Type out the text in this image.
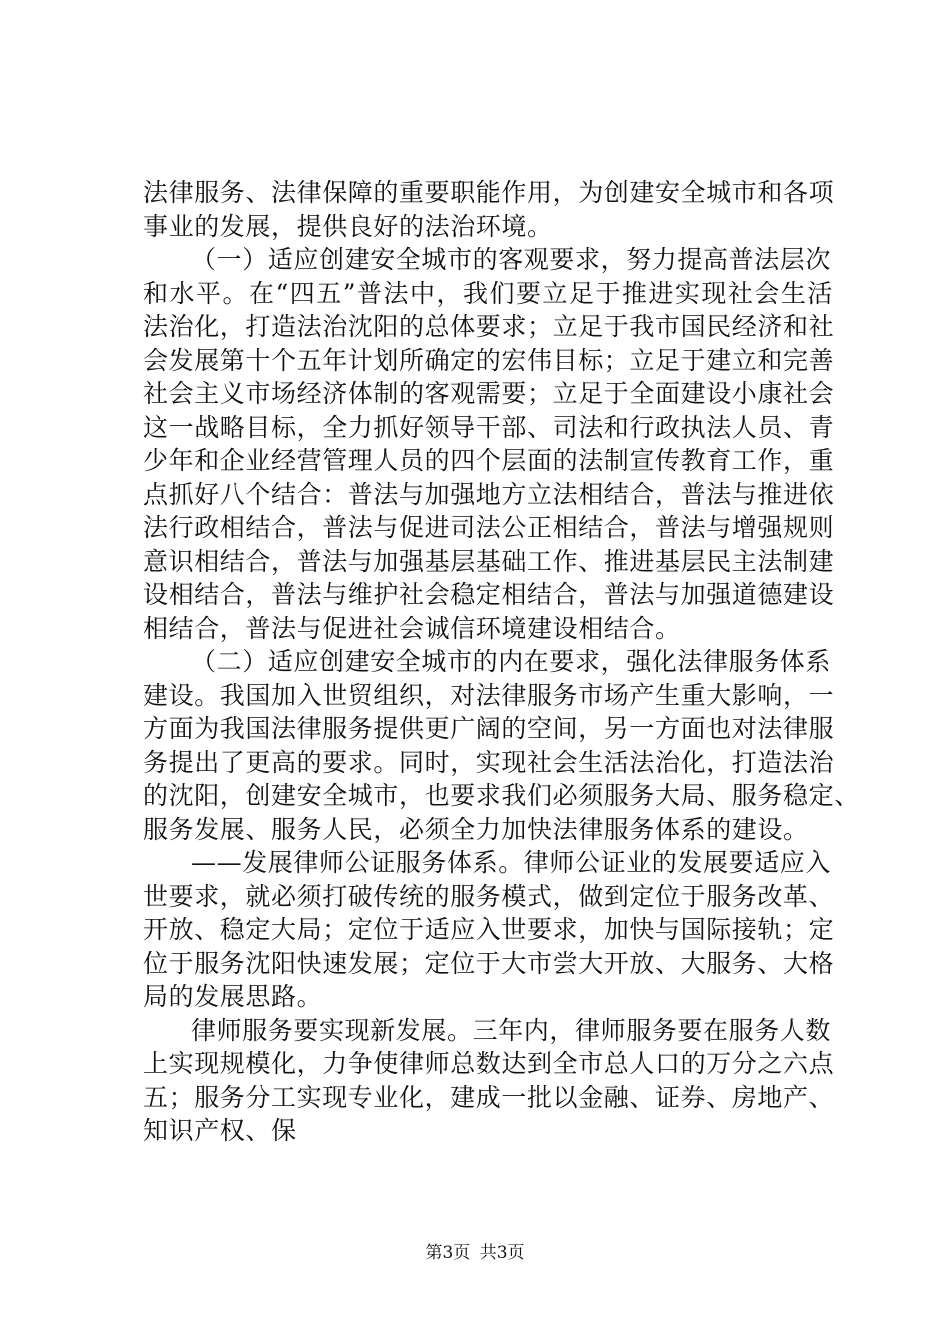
法律服务、法律保障的重要职能作用，为创建安全城市和各项
事业的发展，提供良好的法治环境。
（一）适应创建安全城市的客观要求，努力提高普法层次
和水平。在“四五”普法中，我们要立足于推进实现社会生活
法治化，打造法治沈阳的总体要求；立足于我市国民经济和社
会发展第十个五年计划所确定的宏伟目标；立足于建立和完善
社会主义市场经济体制的客观需要；立足于全面建设小康社会
这一战略目标，全力抓好领导干部、司法和行政执法人员、青
少年和企业经营管理人员的四个层面的法制宣传教育工作，重
点抓好八个结合：普法与加强地方立法相结合，普法与推进依
法行政相结合，普法与促进司法公正相结合，普法与增强规则
意识相结合，普法与加强基层基础工作、推进基层民主法制建
设相结合，普法与维护社会稳定相结合，普法与加强道德建设
相结合，普法与促进社会诚信环境建设相结合。
（二）适应创建安全城市的内在要求，强化法律服务体系
建设。我国加入世贸组织，对法律服务市场产生重大影响，一
方面为我国法律服务提供更广阔的空间，另一方面也对法律服
务提出了更高的要求。同时，实现社会生活法治化，打造法治
的沈阳，创建安全城市，也要求我们必须服务大局、服务稳定、
服务发展、服务人民，必须全力加快法律服务体系的建设。
——发展律师公证服务体系。律师公证业的发展要适应入
世要求，就必须打破传统的服务模式，做到定位于服务改革、
开放、稳定大局；定位于适应入世要求，加快与国际接轨；定
位于服务沈阳快速发展；定位于大市尝大开放、大服务、大格
局的发展思路。
律师服务要实现新发展。三年内，律师服务要在服务人数
上实现规模化，力争使律师总数达到全市总人口的万分之六点
五；服务分工实现专业化，建成一批以金融、证券、房地产、
知识产权、保
第3页 共3页
